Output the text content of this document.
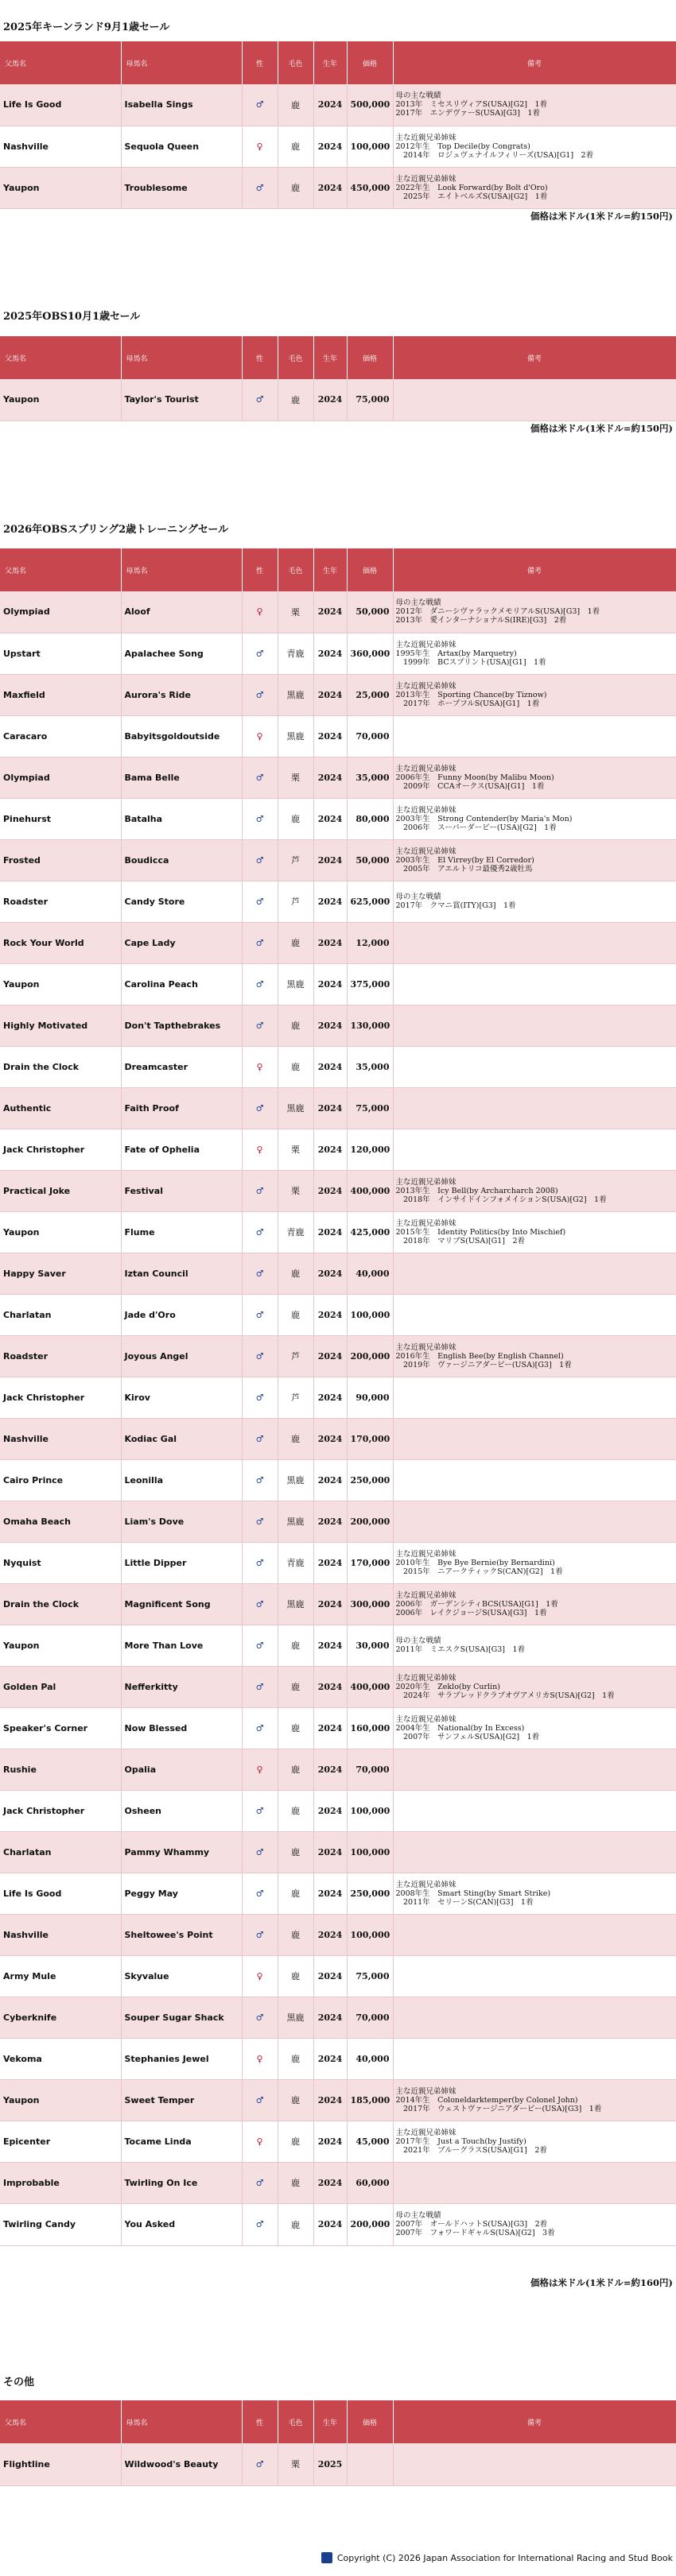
2025年キーンランド9月1歳セール
父馬名	母馬名	性	毛色	生年	価格	備考
Life Is Good	Isabella Sings	♂	鹿	2024	500,000	母の主な戦績
2013年　ミセスリヴィアS(USA)[G2]　1着
2017年　エンデヴァーS(USA)[G3]　1着

Nashville	Sequola Queen	♀	鹿	2024	100,000	主な近親兄弟姉妹
2012年生　Top Decile(by Congrats)
　2014年　ロジュヴェナイルフィリーズ(USA)[G1]　2着

Yaupon	Troublesome	♂	鹿	2024	450,000	主な近親兄弟姉妹
2022年生　Look Forward(by Bolt d'Oro)
　2025年　エイトベルズS(USA)[G2]　1着
価格は米ドル(1米ドル=約150円)
2025年OBS10月1歳セール
父馬名	母馬名	性	毛色	生年	価格	備考
Yaupon	Taylor's Tourist	♂	鹿	2024	75,000	
価格は米ドル(1米ドル=約150円)
2026年OBSスプリング2歳トレーニングセール
父馬名	母馬名	性	毛色	生年	価格	備考
Olympiad	Aloof	♀	栗	2024	50,000	母の主な戦績
2012年　ダニーシヴァラックメモリアルS(USA)[G3]　1着
2013年　愛インターナショナルS(IRE)[G3]　2着

Upstart	Apalachee Song	♂	青鹿	2024	360,000	主な近親兄弟姉妹
1995年生　Artax(by Marquetry)
　1999年　BCスプリント(USA)[G1]　1着

Maxfield	Aurora's Ride	♂	黒鹿	2024	25,000	主な近親兄弟姉妹
2013年生　Sporting Chance(by Tiznow)
　2017年　ホープフルS(USA)[G1]　1着

Caracaro	Babyitsgoldoutside	♀	黒鹿	2024	70,000	
Olympiad	Bama Belle	♂	栗	2024	35,000	主な近親兄弟姉妹
2006年生　Funny Moon(by Malibu Moon)
　2009年　CCAオークス(USA)[G1]　1着

Pinehurst	Batalha	♂	鹿	2024	80,000	主な近親兄弟姉妹
2003年生　Strong Contender(by Maria's Mon)
　2006年　スーパーダービー(USA)[G2]　1着

Frosted	Boudicca	♂	芦	2024	50,000	主な近親兄弟姉妹
2003年生　El Virrey(by El Corredor)
　2005年　アエルトリコ最優秀2歳牡馬

Roadster	Candy Store	♂	芦	2024	625,000	母の主な戦績
2017年　クマニ賞(ITY)[G3]　1着

Rock Your World	Cape Lady	♂	鹿	2024	12,000	
Yaupon	Carolina Peach	♂	黒鹿	2024	375,000	
Highly Motivated	Don't Tapthebrakes	♂	鹿	2024	130,000	
Drain the Clock	Dreamcaster	♀	鹿	2024	35,000	
Authentic	Faith Proof	♂	黒鹿	2024	75,000	
Jack Christopher	Fate of Ophelia	♀	栗	2024	120,000	
Practical Joke	Festival	♂	栗	2024	400,000	主な近親兄弟姉妹
2013年生　Icy Bell(by Archarcharch 2008)
　2018年　インサイドインフォメイションS(USA)[G2]　1着

Yaupon	Flume	♂	青鹿	2024	425,000	主な近親兄弟姉妹
2015年生　Identity Politics(by Into Mischief)
　2018年　マリブS(USA)[G1]　2着

Happy Saver	Iztan Council	♂	鹿	2024	40,000	
Charlatan	Jade d'Oro	♂	鹿	2024	100,000	
Roadster	Joyous Angel	♂	芦	2024	200,000	主な近親兄弟姉妹
2016年生　English Bee(by English Channel)
　2019年　ヴァージニアダービー(USA)[G3]　1着

Jack Christopher	Kirov	♂	芦	2024	90,000	
Nashville	Kodiac Gal	♂	鹿	2024	170,000	
Cairo Prince	Leonilla	♂	黒鹿	2024	250,000	
Omaha Beach	Liam's Dove	♂	黒鹿	2024	200,000	
Nyquist	Little Dipper	♂	青鹿	2024	170,000	主な近親兄弟姉妹
2010年生　Bye Bye Bernie(by Bernardini)
　2015年　ニアークティックS(CAN)[G2]　1着

Drain the Clock	Magnificent Song	♂	黒鹿	2024	300,000	主な近親兄弟姉妹
2006年　ガーデンシティBCS(USA)[G1]　1着
2006年　レイクジョージS(USA)[G3]　1着

Yaupon	More Than Love	♂	鹿	2024	30,000	母の主な戦績
2011年　ミエスクS(USA)[G3]　1着

Golden Pal	Nefferkitty	♂	鹿	2024	400,000	主な近親兄弟姉妹
2020年生　Zeklo(by Curlin)
　2024年　サラブレッドクラブオヴアメリカS(USA)[G2]　1着

Speaker's Corner	Now Blessed	♂	鹿	2024	160,000	主な近親兄弟姉妹
2004年生　National(by In Excess)
　2007年　サンフェルS(USA)[G2]　1着

Rushie	Opalia	♀	鹿	2024	70,000	
Jack Christopher	Osheen	♂	鹿	2024	100,000	
Charlatan	Pammy Whammy	♂	鹿	2024	100,000	
Life Is Good	Peggy May	♂	鹿	2024	250,000	主な近親兄弟姉妹
2008年生　Smart Sting(by Smart Strike)
　2011年　セリーンS(CAN)[G3]　1着

Nashville	Sheltowee's Point	♂	鹿	2024	100,000	
Army Mule	Skyvalue	♀	鹿	2024	75,000	
Cyberknife	Souper Sugar Shack	♂	黒鹿	2024	70,000	
Vekoma	Stephanies Jewel	♀	鹿	2024	40,000	
Yaupon	Sweet Temper	♂	鹿	2024	185,000	主な近親兄弟姉妹
2014年生　Coloneldarktemper(by Colonel John)
　2017年　ウェストヴァージニアダービー(USA)[G3]　1着

Epicenter	Tocame Linda	♀	鹿	2024	45,000	主な近親兄弟姉妹
2017年生　Just a Touch(by Justify)
　2021年　ブルーグラスS(USA)[G1]　2着

Improbable	Twirling On Ice	♂	鹿	2024	60,000	
Twirling Candy	You Asked	♂	鹿	2024	200,000	母の主な戦績
2007年　オールドハットS(USA)[G3]　2着
2007年　フォワードギャルS(USA)[G2]　3着
価格は米ドル(1米ドル=約160円)
その他
父馬名	母馬名	性	毛色	生年	価格	備考
Flightline	Wildwood's Beauty	♂	栗	2025		
Copyright (C) 2026 Japan Association for International Racing and Stud Book
